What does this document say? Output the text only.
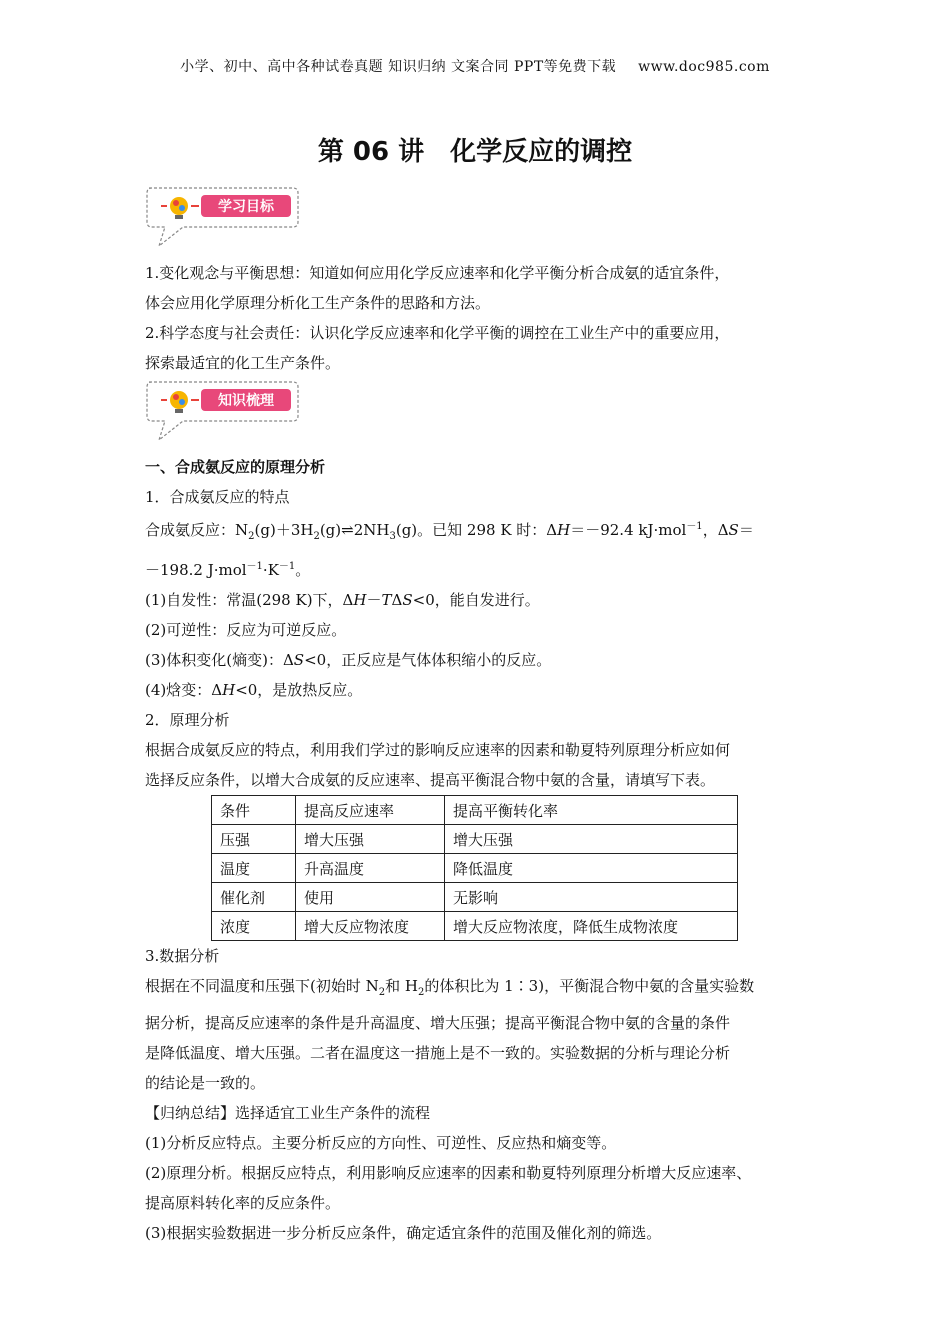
小学、初中、高中各种试卷真题 知识归纳 文案合同 PPT等免费下载 www.doc985.com
第 06 讲 化学反应的调控
学习目标

1.变化观念与平衡思想：知道如何应用化学反应速率和化学平衡分析合成氨的适宜条件，

体会应用化学原理分析化工生产条件的思路和方法。

2.科学态度与社会责任：认识化学反应速率和化学平衡的调控在工业生产中的重要应用，

探索最适宜的化工生产条件。

知识梳理

一、合成氨反应的原理分析

1．合成氨反应的特点

合成氨反应：$N_2(g)+3H_2(g)\rightleftharpoons 2NH_3(g)$。已知 298 K 时：ΔH＝－92.4 kJ·mol$^{-1}$，ΔS＝

－198.2 $J\cdot mol^{-1}\cdot K^{-1}$。

(1)自发性：常温(298 K)下，ΔH－TΔS<0，能自发进行。

(2)可逆性：反应为可逆反应。

(3)体积变化(熵变)：ΔS<0，正反应是气体体积缩小的反应。

(4)焓变：ΔH<0，是放热反应。

2．原理分析

根据合成氨反应的特点，利用我们学过的影响反应速率的因素和勒夏特列原理分析应如何

选择反应条件，以增大合成氨的反应速率、提高平衡混合物中氨的含量，请填写下表。

条件	提高反应速率	提高平衡转化率
压强	增大压强	增大压强
温度	升高温度	降低温度
催化剂	使用	无影响
浓度	增大反应物浓度	增大反应物浓度，降低生成物浓度

3.数据分析

根据在不同温度和压强下(初始时 $N_2$和 $H_2$的体积比为 1∶3)，平衡混合物中氨的含量实验数

据分析，提高反应速率的条件是升高温度、增大压强；提高平衡混合物中氨的含量的条件

是降低温度、增大压强。二者在温度这一措施上是不一致的。实验数据的分析与理论分析

的结论是一致的。

【归纳总结】选择适宜工业生产条件的流程

(1)分析反应特点。主要分析反应的方向性、可逆性、反应热和熵变等。

(2)原理分析。根据反应特点，利用影响反应速率的因素和勒夏特列原理分析增大反应速率、

提高原料转化率的反应条件。

(3)根据实验数据进一步分析反应条件，确定适宜条件的范围及催化剂的筛选。
